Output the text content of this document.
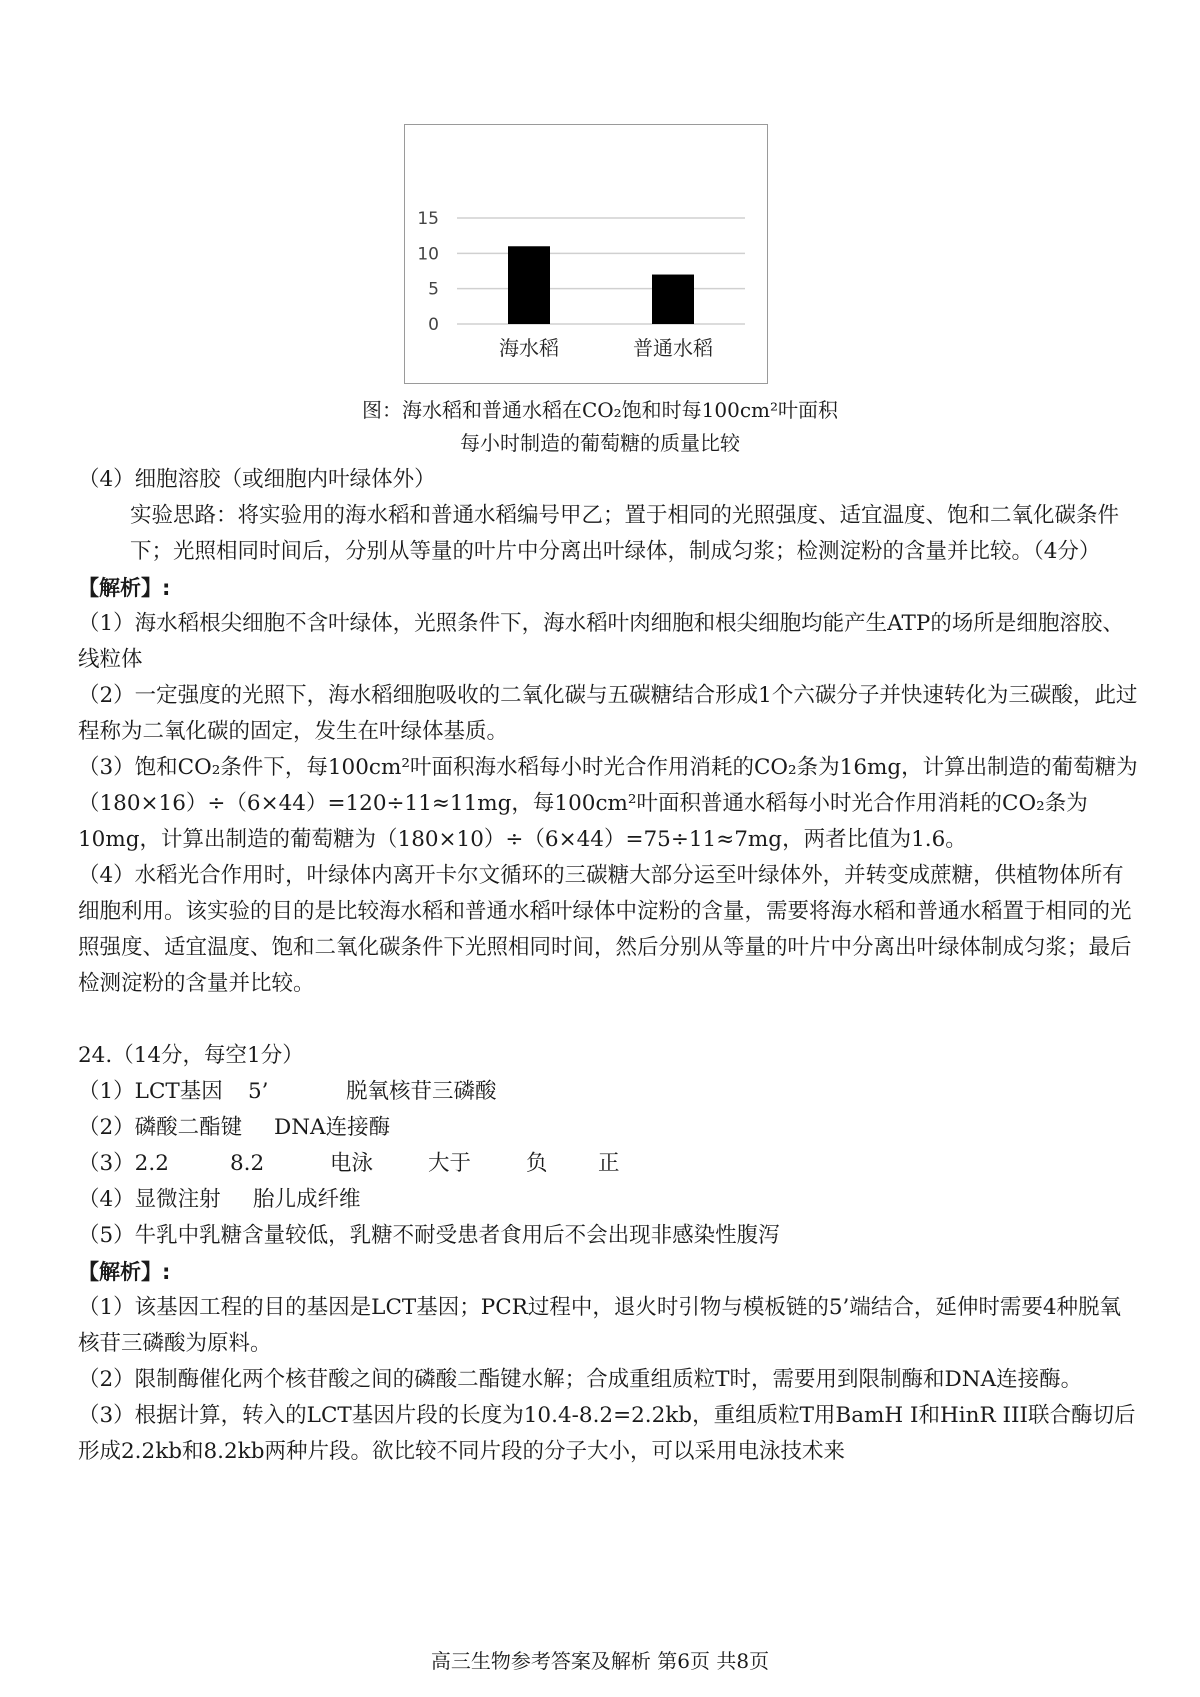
0
5
10
15
海水稻	普通水稻
图：海水稻和普通水稻在CO₂饱和时每100cm²叶面积
每小时制造的葡萄糖的质量比较

（4）细胞溶胶（或细胞内叶绿体外）

实验思路：将实验用的海水稻和普通水稻编号甲乙；置于相同的光照强度、适宜温度、饱和二氧化碳条件下；光照相同时间后，分别从等量的叶片中分离出叶绿体，制成匀浆；检测淀粉的含量并比较。（4分）

【解析】:

（1）海水稻根尖细胞不含叶绿体，光照条件下，海水稻叶肉细胞和根尖细胞均能产生ATP的场所是细胞溶胶、线粒体

（2）一定强度的光照下，海水稻细胞吸收的二氧化碳与五碳糖结合形成1个六碳分子并快速转化为三碳酸，此过程称为二氧化碳的固定，发生在叶绿体基质。

（3）饱和CO₂条件下，每100cm²叶面积海水稻每小时光合作用消耗的CO₂条为16mg，计算出制造的葡萄糖为（180×16）÷（6×44）=120÷11≈11mg，每100cm²叶面积普通水稻每小时光合作用消耗的CO₂条为10mg，计算出制造的葡萄糖为（180×10）÷（6×44）=75÷11≈7mg，两者比值为1.6。

（4）水稻光合作用时，叶绿体内离开卡尔文循环的三碳糖大部分运至叶绿体外，并转变成蔗糖，供植物体所有细胞利用。该实验的目的是比较海水稻和普通水稻叶绿体中淀粉的含量，需要将海水稻和普通水稻置于相同的光照强度、适宜温度、饱和二氧化碳条件下光照相同时间，然后分别从等量的叶片中分离出叶绿体制成匀浆；最后检测淀粉的含量并比较。

24.（14分，每空1分）

（1）LCT基因 5’	脱氧核苷三磷酸

（2）磷酸二酯键 DNA连接酶

（3）2.2	8.2	电泳	大于	负 正

（4）显微注射 胎儿成纤维

（5）牛乳中乳糖含量较低，乳糖不耐受患者食用后不会出现非感染性腹泻

【解析】:

（1）该基因工程的目的基因是LCT基因；PCR过程中，退火时引物与模板链的5’端结合，延伸时需要4种脱氧核苷三磷酸为原料。

（2）限制酶催化两个核苷酸之间的磷酸二酯键水解；合成重组质粒T时，需要用到限制酶和DNA连接酶。

（3）根据计算，转入的LCT基因片段的长度为10.4-8.2=2.2kb，重组质粒T用BamH I和HinR III联合酶切后形成2.2kb和8.2kb两种片段。欲比较不同片段的分子大小，可以采用电泳技术来

高三生物参考答案及解析 第6页 共8页
